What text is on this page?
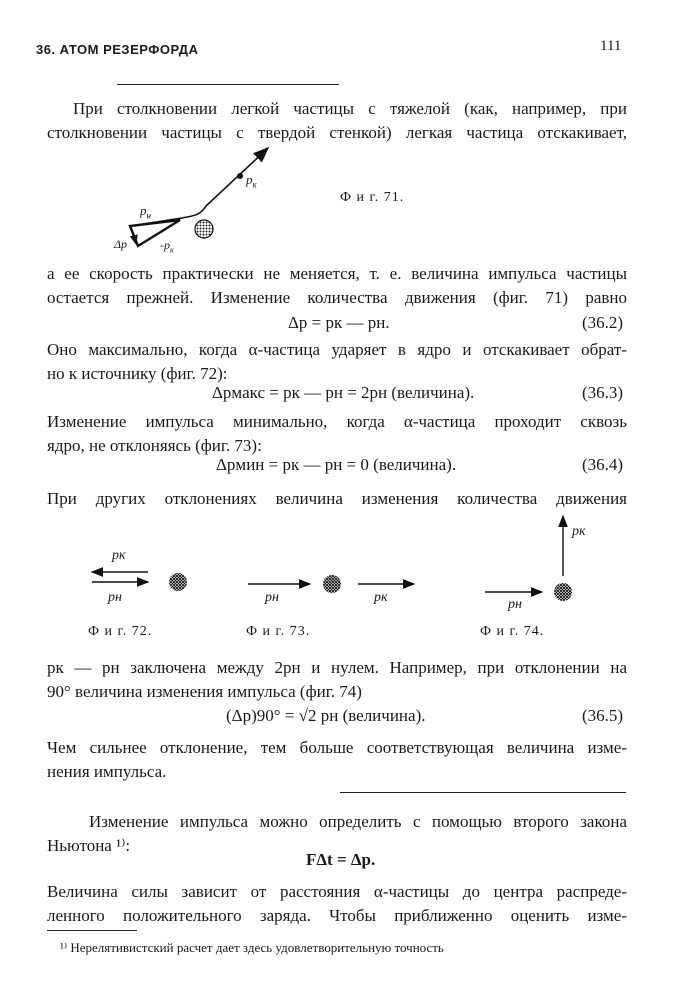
36. АТОМ РЕЗЕРФОРДА	111
При столкновении легкой частицы с тяжелой (как, например, при
столкновении частицы с твердой стенкой) легкая частица отскакивает,
$p_к$
$p_н$
Δp	$-p_к$
Ф и г. 71.
а ее скорость практически не меняется, т. е. величина импульса частицы
остается прежней. Изменение количества движения (фиг. 71) равно
Δp = pк — pн.	(36.2)
Оно максимально, когда α-частица ударяет в ядро и отскакивает обрат-
но к источнику (фиг. 72):
Δpмакс = pк — pн = 2pн (величина).	(36.3)
Изменение импульса минимально, когда α-частица проходит сквозь
ядро, не отклоняясь (фиг. 73):
Δpмин = pк — pн = 0 (величина).	(36.4)
При других отклонениях величина изменения количества движения
pк
pн	pн	pк
pк
pн
Ф и г. 72.	Ф и г. 73.	Ф и г. 74.
pк — pн заключена между 2pн и нулем. Например, при отклонении на
90° величина изменения импульса (фиг. 74)
(Δp)90° = √2 pн (величина).	(36.5)
Чем сильнее отклонение, тем больше соответствующая величина изме-
нения импульса.
Изменение импульса можно определить с помощью второго закона
Ньютона ¹⁾:
FΔt = Δp.
Величина силы зависит от расстояния α-частицы до центра распреде-
ленного положительного заряда. Чтобы приближенно оценить изме-
¹⁾ Нерелятивистский расчет дает здесь удовлетворительную точность
